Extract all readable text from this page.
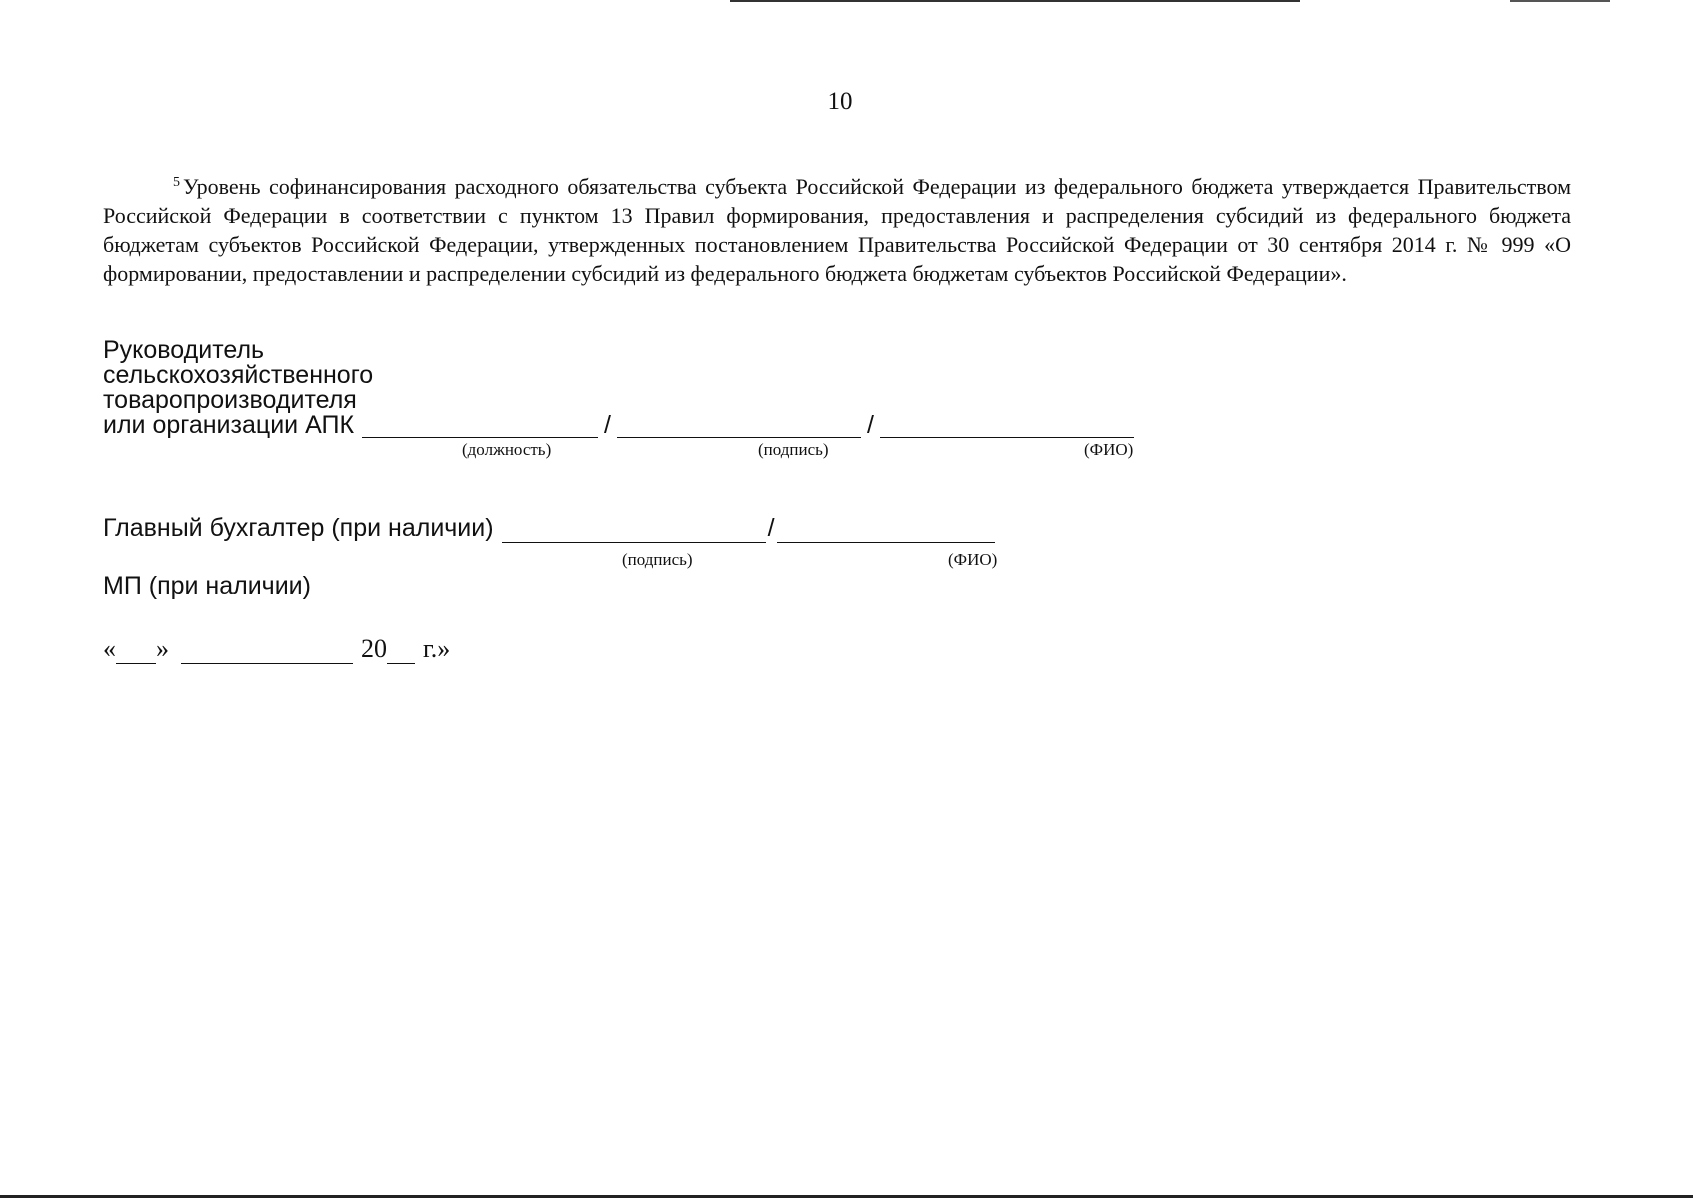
10

$^5$ Уровень софинансирования расходного обязательства субъекта Российской Федерации из федерального бюджета утверждается Правительством Российской Федерации в соответствии с пунктом 13 Правил формирования, предоставления и распределения субсидий из федерального бюджета бюджетам субъектов Российской Федерации, утвержденных постановлением Правительства Российской Федерации от 30 сентября 2014 г. № 999 «О формировании, предоставлении и распределении субсидий из федерального бюджета бюджетам субъектов Российской Федерации».

Руководитель
сельскохозяйственного
товаропроизводителя
или организации АПК	/	/
(должность)	(подпись)	(ФИО)
Главный бухгалтер (при наличии)	/
(подпись)	(ФИО)
МП (при наличии)
« »	20 г.»
